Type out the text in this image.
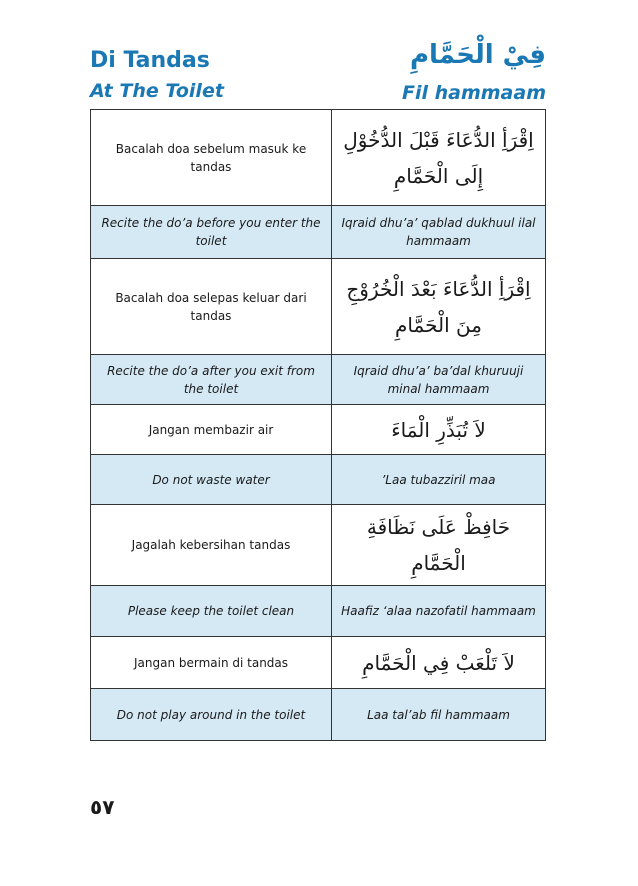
Di Tandas
At The Toilet
فِيْ الْحَمَّامِ
Fil hammaam
Bacalah doa sebelum masuk ke tandas	اِقْرَأِ الدُّعَاءَ قَبْلَ الدُّخُوْلِ إِلَى الْحَمَّامِ
Recite the do’a before you enter the toilet	Iqraid dhu’a’ qablad dukhuul ilal hammaam
Bacalah doa selepas keluar dari tandas	اِقْرَأِ الدُّعَاءَ بَعْدَ الْخُرُوْجِ مِنَ الْحَمَّامِ
Recite the do’a after you exit from the toilet	Iqraid dhu’a’ ba’dal khuruuji minal hammaam
Jangan membazir air	لاَ تُبَذِّرِ الْمَاءَ
Do not waste water	’Laa tubazziril maa
Jagalah kebersihan tandas	حَافِظْ عَلَى نَظَافَةِ الْحَمَّامِ
Please keep the toilet clean	Haafiz ‘alaa nazofatil hammaam
Jangan bermain di tandas	لاَ تَلْعَبْ فِي الْحَمَّامِ
Do not play around in the toilet	Laa tal’ab fil hammaam
٥٧
